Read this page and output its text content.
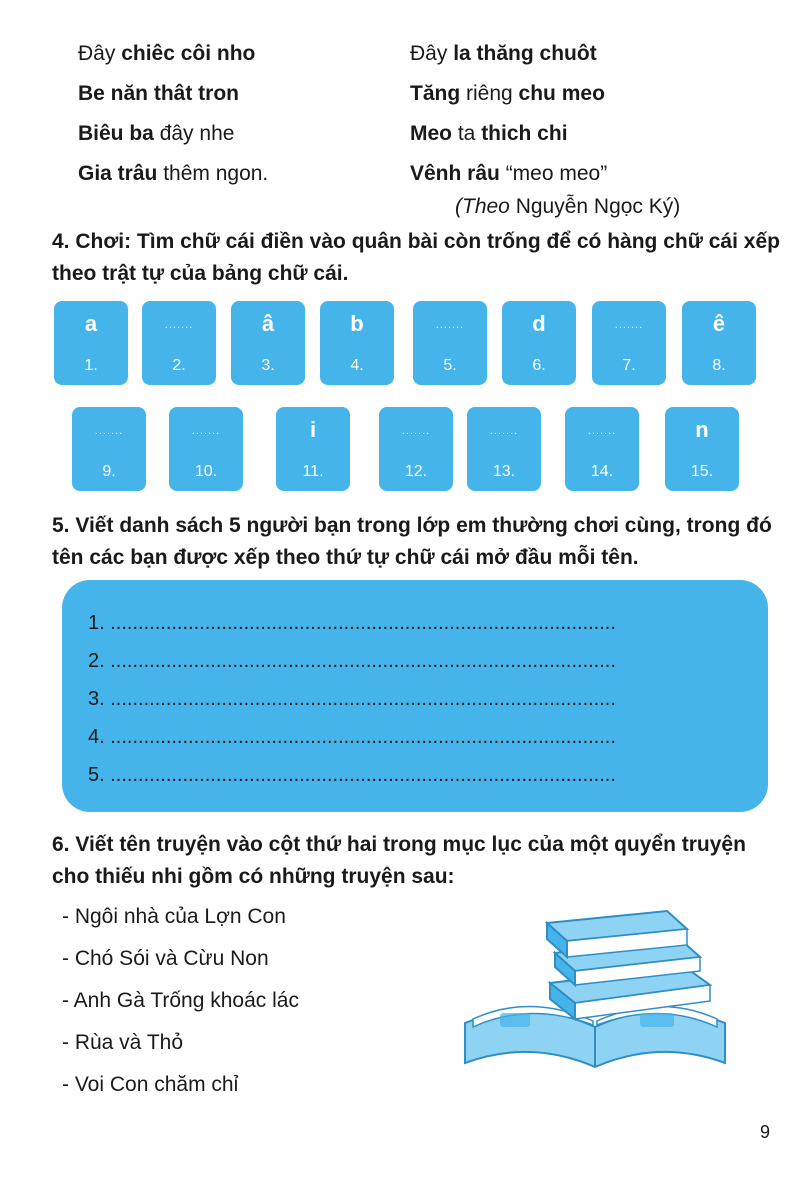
Đây chiêc côi nho
Be năn thât tron
Biêu ba đây nhe
Gia trâu thêm ngon.
Đây la thăng chuôt
Tăng riêng chu meo
Meo ta thich chi
Vênh râu “meo meo”
(Theo Nguyễn Ngọc Ký)
4. Chơi: Tìm chữ cái điền vào quân bài còn trống để có hàng chữ cái xếp theo trật tự của bảng chữ cái.
a
1.
.......
2.
â
3.
b
4.
.......
5.
d
6.
.......
7.
ê
8.
.......
9.
.......
10.
i
11.
.......
12.
.......
13.
.......
14.
n
15.
5. Viết danh sách 5 người bạn trong lớp em thường chơi cùng, trong đó tên các bạn được xếp theo thứ tự chữ cái mở đầu mỗi tên.
1. ...........................................................................................
2. ...........................................................................................
3. ...........................................................................................
4. ...........................................................................................
5. ...........................................................................................
6. Viết tên truyện vào cột thứ hai trong mục lục của một quyển truyện cho thiếu nhi gồm có những truyện sau:
- Ngôi nhà của Lợn Con
- Chó Sói và Cừu Non
- Anh Gà Trống khoác lác
- Rùa và Thỏ
- Voi Con chăm chỉ
9
